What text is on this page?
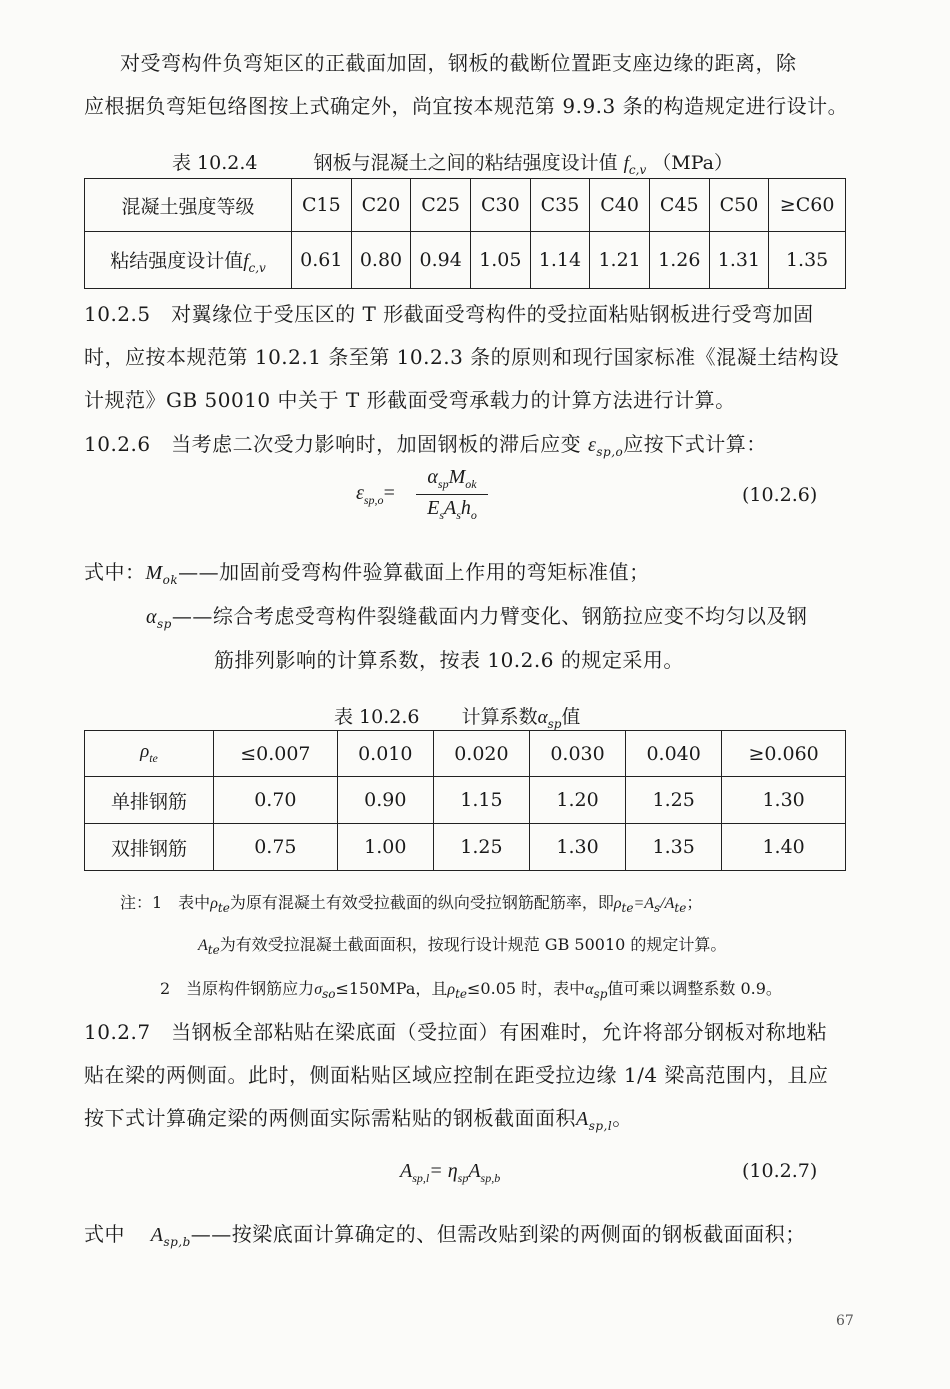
对受弯构件负弯矩区的正截面加固，钢板的截断位置距支座边缘的距离，除
应根据负弯矩包络图按上式确定外，尚宜按本规范第 9.9.3 条的构造规定进行设计。
表 10.2.4	钢板与混凝土之间的粘结强度设计值 $f_{c,v}$ （MPa）
混凝土强度等级	C15	C20	C25	C30	C35	C40	C45	C50	≥C60
粘结强度设计值$f_{c,v}$	0.61	0.80	0.94	1.05	1.14	1.21	1.26	1.31	1.35
10.2.5　对翼缘位于受压区的 T 形截面受弯构件的受拉面粘贴钢板进行受弯加固
时，应按本规范第 10.2.1 条至第 10.2.3 条的原则和现行国家标准《混凝土结构设
计规范》GB 50010 中关于 T 形截面受弯承载力的计算方法进行计算。
10.2.6　当考虑二次受力影响时，加固钢板的滞后应变 $\varepsilon_{sp,o}$应按下式计算：
$\varepsilon_{sp,o}=$
$\alpha_{sp}M_{ok}$
$E_sA_sh_o$
(10.2.6)
式中：$M_{ok}——$加固前受弯构件验算截面上作用的弯矩标准值；
$\alpha_{sp}——$综合考虑受弯构件裂缝截面内力臂变化、钢筋拉应变不均匀以及钢
筋排列影响的计算系数，按表 10.2.6 的规定采用。
表 10.2.6 计算系数$\alpha_{sp}$值
$\rho_{te}$	≤0.007	0.010	0.020	0.030	0.040	≥0.060
单排钢筋	0.70	0.90	1.15	1.20	1.25	1.30
双排钢筋	0.75	1.00	1.25	1.30	1.35	1.40
注：1　表中$\rho_{te}$为原有混凝土有效受拉截面的纵向受拉钢筋配筋率，即$\rho_{te}=A_s/A_{te}$；
$A_{te}$为有效受拉混凝土截面面积，按现行设计规范 GB 50010 的规定计算。
2　当原构件钢筋应力$\sigma_{so}\le 150MPa$，且$\rho_{te}\le 0.05$ 时，表中$\alpha_{sp}$值可乘以调整系数 0.9。
10.2.7　当钢板全部粘贴在梁底面（受拉面）有困难时，允许将部分钢板对称地粘
贴在梁的两侧面。此时，侧面粘贴区域应控制在距受拉边缘 1/4 梁高范围内，且应
按下式计算确定梁的两侧面实际需粘贴的钢板截面面积$A_{sp,l}$。
$A_{sp,l}= \eta_{sp}A_{sp,b}$	(10.2.7)
式中 $A_{sp,b}——$按梁底面计算确定的、但需改贴到梁的两侧面的钢板截面面积；
67
